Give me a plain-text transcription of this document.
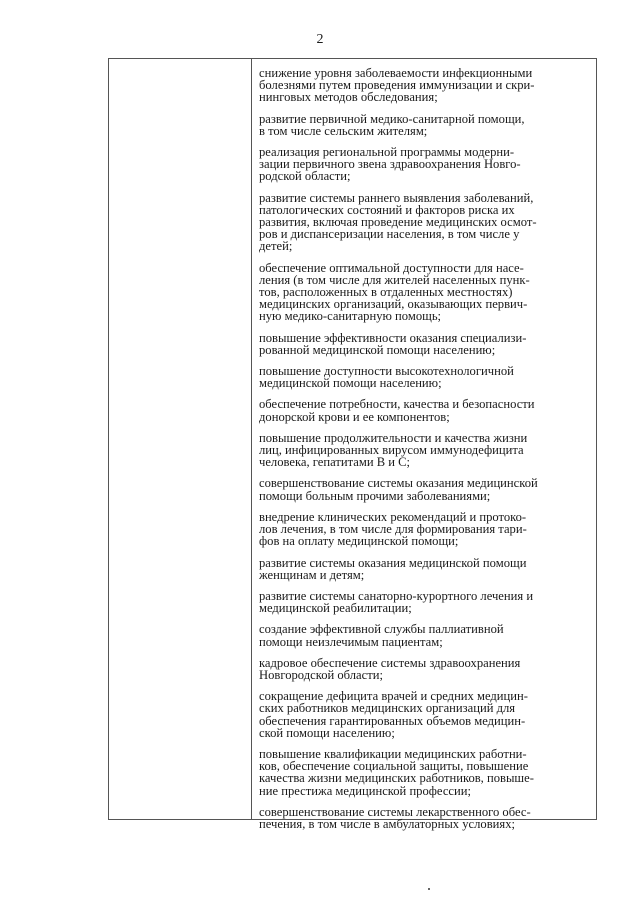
2

снижение уровня заболеваемости инфекционными
болезнями путем проведения иммунизации и скри-
нинговых методов обследования;

развитие первичной медико-санитарной помощи,
в том числе сельским жителям;

реализация региональной программы модерни-
зации первичного звена здравоохранения Новго-
родской области;

развитие системы раннего выявления заболеваний,
патологических состояний и факторов риска их
развития, включая проведение медицинских осмот-
ров и диспансеризации населения, в том числе у
детей;

обеспечение оптимальной доступности для насе-
ления (в том числе для жителей населенных пунк-
тов, расположенных в отдаленных местностях)
медицинских организаций, оказывающих первич-
ную медико-санитарную помощь;

повышение эффективности оказания специализи-
рованной медицинской помощи населению;

повышение доступности высокотехнологичной
медицинской помощи населению;

обеспечение потребности, качества и безопасности
донорской крови и ее компонентов;

повышение продолжительности и качества жизни
лиц, инфицированных вирусом иммунодефицита
человека, гепатитами В и С;

совершенствование системы оказания медицинской
помощи больным прочими заболеваниями;

внедрение клинических рекомендаций и протоко-
лов лечения, в том числе для формирования тари-
фов на оплату медицинской помощи;

развитие системы оказания медицинской помощи
женщинам и детям;

развитие системы санаторно-курортного лечения и
медицинской реабилитации;

создание эффективной службы паллиативной
помощи неизлечимым пациентам;

кадровое обеспечение системы здравоохранения
Новгородской области;

сокращение дефицита врачей и средних медицин-
ских работников медицинских организаций для
обеспечения гарантированных объемов медицин-
ской помощи населению;

повышение квалификации медицинских работни-
ков, обеспечение социальной защиты, повышение
качества жизни медицинских работников, повыше-
ние престижа медицинской профессии;

совершенствование системы лекарственного обес-
печения, в том числе в амбулаторных условиях;
